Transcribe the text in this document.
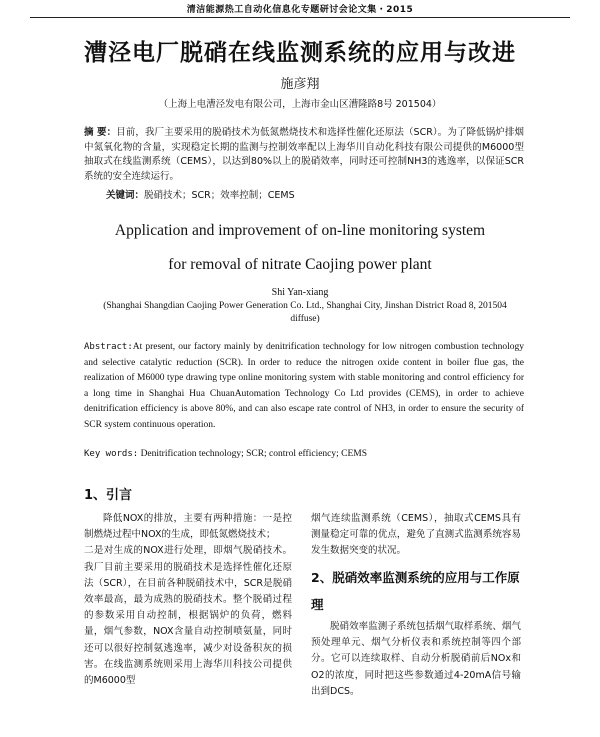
清洁能源热工自动化信息化专题研讨会论文集・2015
漕泾电厂脱硝在线监测系统的应用与改进
施彦翔
（上海上电漕泾发电有限公司，上海市金山区漕隆路8号 201504）
摘 要：目前，我厂主要采用的脱硝技术为低氮燃烧技术和选择性催化还原法（SCR）。为了降低锅炉排烟中氮氧化物的含量，实现稳定长期的监测与控制效率配以上海华川自动化科技有限公司提供的M6000型抽取式在线监测系统（CEMS），以达到80%以上的脱硝效率，同时还可控制NH3的逃逸率，以保证SCR系统的安全连续运行。
关键词：脱硝技术；SCR；效率控制；CEMS
Application and improvement of on-line monitoring system
for removal of nitrate Caojing power plant
Shi Yan-xiang
(Shanghai Shangdian Caojing Power Generation Co. Ltd., Shanghai City, Jinshan District Road 8, 201504 diffuse)
Abstract:At present, our factory mainly by denitrification technology for low nitrogen combustion technology and selective catalytic reduction (SCR). In order to reduce the nitrogen oxide content in boiler flue gas, the realization of M6000 type drawing type online monitoring system with stable monitoring and control efficiency for a long time in Shanghai Hua ChuanAutomation Technology Co Ltd provides (CEMS), in order to achieve denitrification efficiency is above 80%, and can also escape rate control of NH3, in order to ensure the security of SCR system continuous operation.
Key words: Denitrification technology; SCR; control efficiency; CEMS
1、引言

降低NOX的排放，主要有两种措施：一是控制燃烧过程中NOX的生成，即低氮燃烧技术；

二是对生成的NOX进行处理，即烟气脱硝技术。我厂目前主要采用的脱硝技术是选择性催化还原法（SCR），在目前各种脱硝技术中，SCR是脱硝效率最高，最为成熟的脱硝技术。整个脱硝过程的参数采用自动控制，根据锅炉的负荷，燃料量，烟气参数，NOX含量自动控制喷氨量，同时还可以很好控制氨逃逸率，减少对设备积灰的损害。在线监测系统则采用上海华川科技公司提供的M6000型

烟气连续监测系统（CEMS），抽取式CEMS具有测量稳定可靠的优点，避免了直测式监测系统容易发生数据突变的状况。

2、脱硝效率监测系统的应用与工作原理

脱硝效率监测子系统包括烟气取样系统、烟气预处理单元、烟气分析仪表和系统控制等四个部分。它可以连续取样、自动分析脱硝前后NOx和O2的浓度，同时把这些参数通过4-20mA信号输出到DCS。
